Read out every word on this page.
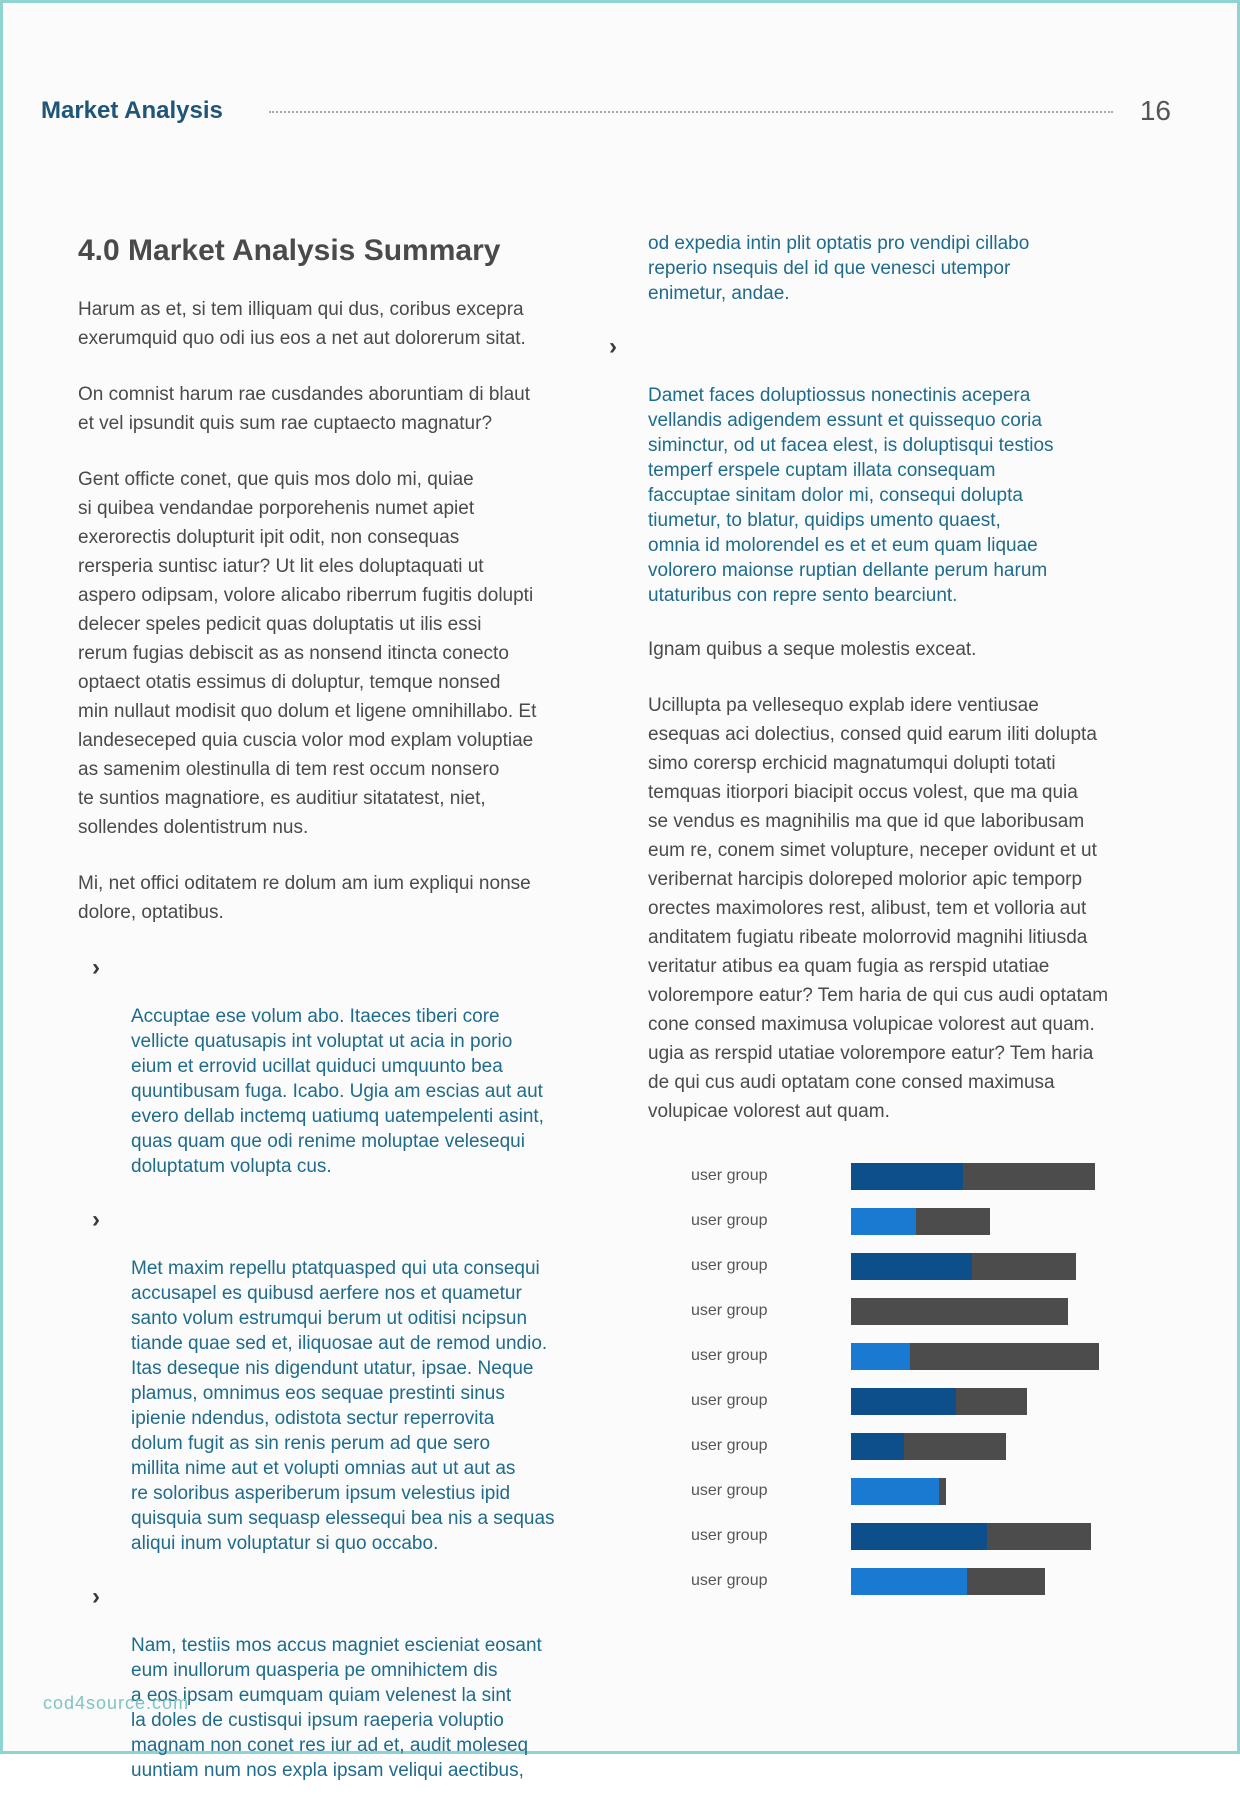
Market Analysis	16
4.0 Market Analysis Summary

Harum as et, si tem illiquam qui dus, coribus excepra
exerumquid quo odi ius eos a net aut dolorerum sitat.

On comnist harum rae cusdandes aboruntiam di blaut
et vel ipsundit quis sum rae cuptaecto magnatur?

Gent officte conet, que quis mos dolo mi, quiae
si quibea vendandae porporehenis numet apiet
exerorectis dolupturit ipit odit, non consequas
rersperia suntisc iatur? Ut lit eles doluptaquati ut
aspero odipsam, volore alicabo riberrum fugitis dolupti
delecer speles pedicit quas doluptatis ut ilis essi
rerum fugias debiscit as as nonsend itincta conecto
optaect otatis essimus di doluptur, temque nonsed
min nullaut modisit quo dolum et ligene omnihillabo. Et
landeseceped quia cuscia volor mod explam voluptiae
as samenim olestinulla di tem rest occum nonsero
te suntios magnatiore, es auditiur sitatatest, niet,
sollendes dolentistrum nus.

Mi, net offici oditatem re dolum am ium expliqui nonse
dolore, optatibus.

›

Accuptae ese volum abo. Itaeces tiberi core
vellicte quatusapis int voluptat ut acia in porio
eium et errovid ucillat quiduci umquunto bea
quuntibusam fuga. Icabo. Ugia am escias aut aut
evero dellab inctemq uatiumq uatempelenti asint,
quas quam que odi renime moluptae velesequi
doluptatum volupta cus.

›

Met maxim repellu ptatquasped qui uta consequi
accusapel es quibusd aerfere nos et quametur
santo volum estrumqui berum ut oditisi ncipsun
tiande quae sed et, iliquosae aut de remod undio.
Itas deseque nis digendunt utatur, ipsae. Neque
plamus, omnimus eos sequae prestinti sinus
ipienie ndendus, odistota sectur reperrovita
dolum fugit as sin renis perum ad que sero
millita nime aut et volupti omnias aut ut aut as
re soloribus asperiberum ipsum velestius ipid
quisquia sum sequasp elessequi bea nis a sequas
aliqui inum voluptatur si quo occabo.

›

Nam, testiis mos accus magniet escieniat eosant
eum inullorum quasperia pe omnihictem dis
a eos ipsam eumquam quiam velenest la sint
la doles de custisqui ipsum raeperia voluptio
magnam non conet res iur ad et, audit moleseq
uuntiam num nos expla ipsam veliqui aectibus,

od expedia intin plit optatis pro vendipi cillabo
reperio nsequis del id que venesci utempor
enimetur, andae.

›

Damet faces doluptiossus nonectinis acepera
vellandis adigendem essunt et quissequo coria
siminctur, od ut facea elest, is doluptisqui testios
temperf erspele cuptam illata consequam
faccuptae sinitam dolor mi, consequi dolupta
tiumetur, to blatur, quidips umento quaest,
omnia id molorendel es et et eum quam liquae
volorero maionse ruptian dellante perum harum
utaturibus con repre sento bearciunt.

Ignam quibus a seque molestis exceat.

Ucillupta pa vellesequo explab idere ventiusae
esequas aci dolectius, consed quid earum iliti dolupta
simo corersp erchicid magnatumqui dolupti totati
temquas itiorpori biacipit occus volest, que ma quia
se vendus es magnihilis ma que id que laboribusam
eum re, conem simet volupture, neceper ovidunt et ut
veribernat harcipis doloreped molorior apic temporp
orectes maximolores rest, alibust, tem et volloria aut
anditatem fugiatu ribeate molorrovid magnihi litiusda
veritatur atibus ea quam fugia as rerspid utatiae
volorempore eatur? Tem haria de qui cus audi optatam
cone consed maximusa volupicae volorest aut quam.
ugia as rerspid utatiae volorempore eatur? Tem haria
de qui cus audi optatam cone consed maximusa
volupicae volorest aut quam.

user group
user group
user group
user group
user group
user group
user group
user group
user group
user group
cod4source.com
